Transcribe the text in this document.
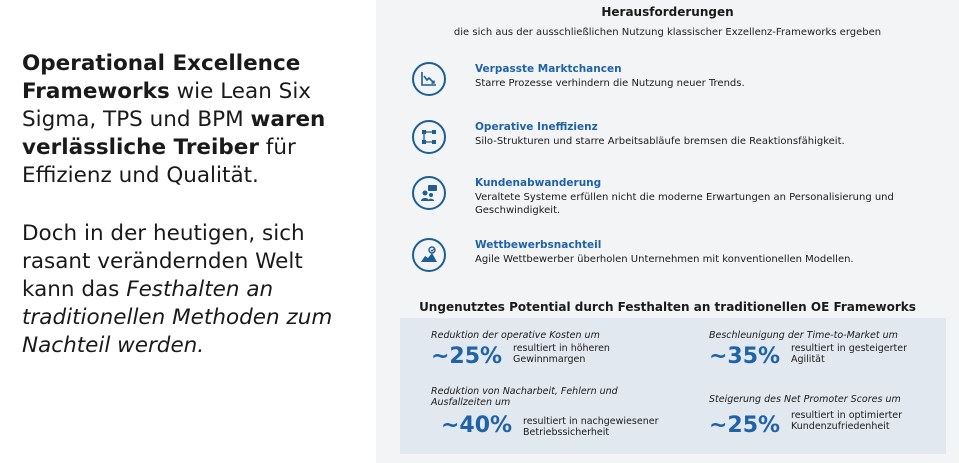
Operational Excellence Frameworks wie Lean Six Sigma, TPS und BPM waren verlässliche Treiber für Effizienz und Qualität.

Doch in der heutigen, sich rasant verändernden Welt kann das Festhalten an traditionellen Methoden zum Nachteil werden.

Herausforderungen
die sich aus der ausschließlichen Nutzung klassischer Exzellenz-Frameworks ergeben
Verpasste Marktchancen
Starre Prozesse verhindern die Nutzung neuer Trends.
Operative Ineffizienz
Silo-Strukturen und starre Arbeitsabläufe bremsen die Reaktionsfähigkeit.
Kundenabwanderung
Veraltete Systeme erfüllen nicht die moderne Erwartungen an Personalisierung und Geschwindigkeit.
Wettbewerbsnachteil
Agile Wettbewerber überholen Unternehmen mit konventionellen Modellen.
Ungenutztes Potential durch Festhalten an traditionellen OE Frameworks
Reduktion der operative Kosten um
~25% resultiert in höheren Gewinnmargen
Beschleunigung der Time-to-Market um
~35% resultiert in gesteigerter Agilität
Reduktion von Nacharbeit, Fehlern und Ausfallzeiten um
~40% resultiert in nachgewiesener Betriebssicherheit
Steigerung des Net Promoter Scores um
~25% resultiert in optimierter Kundenzufriedenheit
